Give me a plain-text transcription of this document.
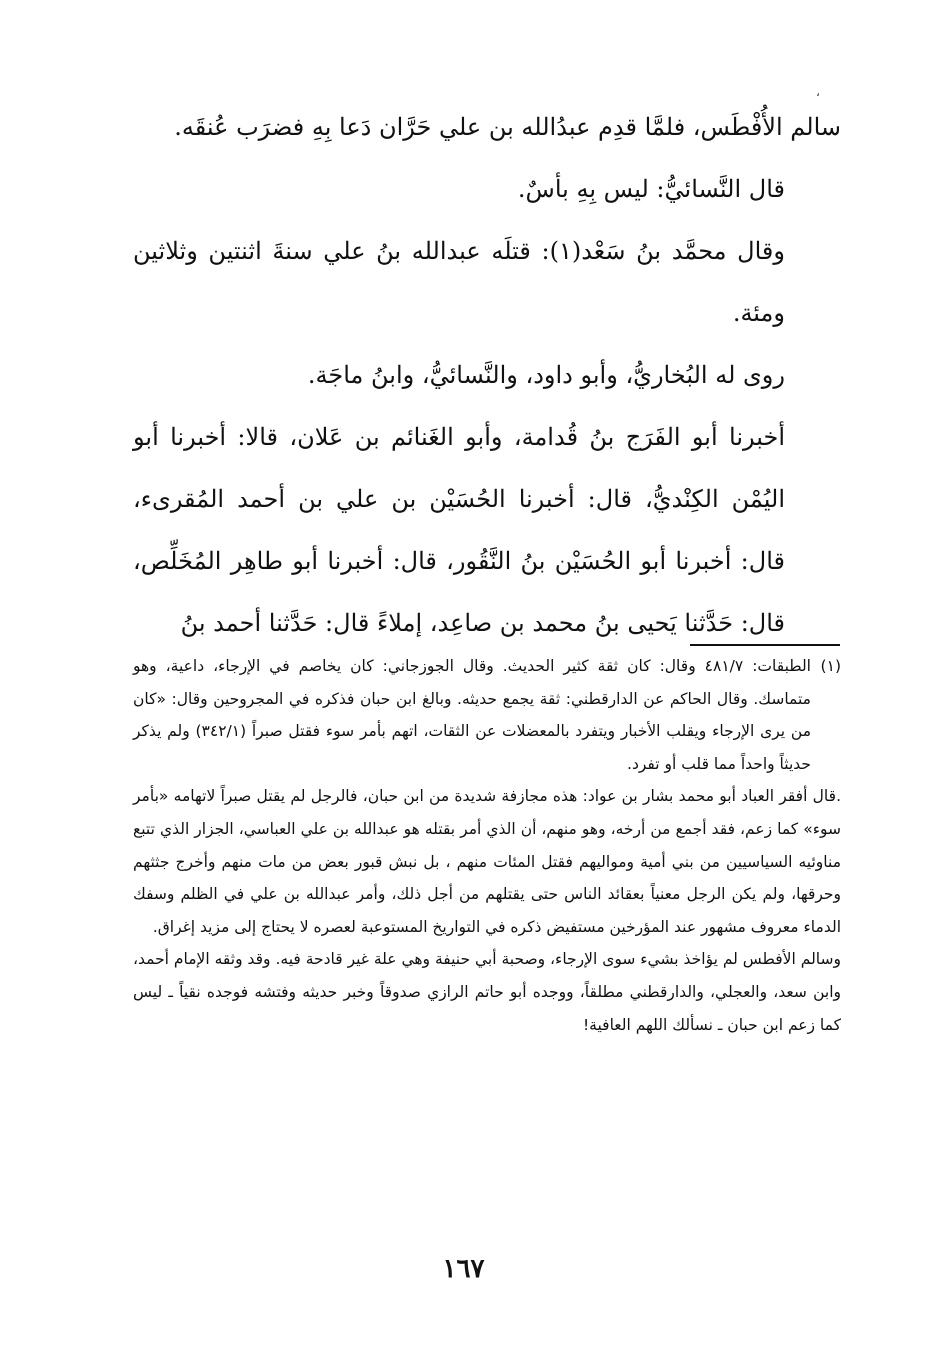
،

سالم الأُفْطَس، فلمَّا قدِم عبدُالله بن علي حَرَّان دَعا بِهِ فضرَب عُنقَه.

قال النَّسائيُّ: ليس بِهِ بأسٌ.

وقال محمَّد بنُ سَعْد(١): قتلَه عبدالله بنُ علي سنةَ اثنتين وثلاثين ومئة.

روى له البُخاريُّ، وأبو داود، والنَّسائيُّ، وابنُ ماجَة.

أخبرنا أبو الفَرَج بنُ قُدامة، وأبو الغَنائم بن عَلان، قالا: أخبرنا أبو اليُمْن الكِنْديُّ، قال: أخبرنا الحُسَيْن بن علي بن أحمد المُقرىء، قال: أخبرنا أبو الحُسَيْن بنُ النَّقُور، قال: أخبرنا أبو طاهِر المُخَلِّص، قال: حَدَّثنا يَحيى بنُ محمد بن صاعِد، إملاءً قال: حَدَّثنا أحمد بنُ

(١)الطبقات: ٤٨١/٧ وقال: كان ثقة كثير الحديث. وقال الجوزجاني: كان يخاصم في الإرجاء، داعية، وهو متماسك. وقال الحاكم عن الدارقطني: ثقة يجمع حديثه. وبالغ ابن حبان فذكره في المجروحين وقال: «كان من يرى الإرجاء ويقلب الأخبار ويتفرد بالمعضلات عن الثقات، اتهم بأمر سوء فقتل صبراً (٣٤٢/١) ولم يذكر حديثاً واحداً مما قلب أو تفرد.

.قال أفقر العباد أبو محمد بشار بن عواد: هذه مجازفة شديدة من ابن حبان، فالرجل لم يقتل صبراً لاتهامه «بأمر سوء» كما زعم، فقد أجمع من أرخه، وهو منهم، أن الذي أمر بقتله هو عبدالله بن علي العباسي، الجزار الذي تتبع مناوئيه السياسيين من بني أمية ومواليهم فقتل المئات منهم ، بل نبش قبور بعض من مات منهم وأخرج جثثهم وحرقها، ولم يكن الرجل معنياً بعقائد الناس حتى يقتلهم من أجل ذلك، وأمر عبدالله بن علي في الظلم وسفك الدماء معروف مشهور عند المؤرخين مستفيض ذكره في التواريخ المستوعبة لعصره لا يحتاج إلى مزيد إغراق.

وسالم الأفطس لم يؤاخذ بشيء سوى الإرجاء، وصحبة أبي حنيفة وهي علة غير قادحة فيه. وقد وثقه الإمام أحمد، وابن سعد، والعجلي، والدارقطني مطلقاً، ووجده أبو حاتم الرازي صدوقاً وخبر حديثه وفتشه فوجده نقياً ـ ليس كما زعم ابن حبان ـ نسألك اللهم العافية!

١٦٧
